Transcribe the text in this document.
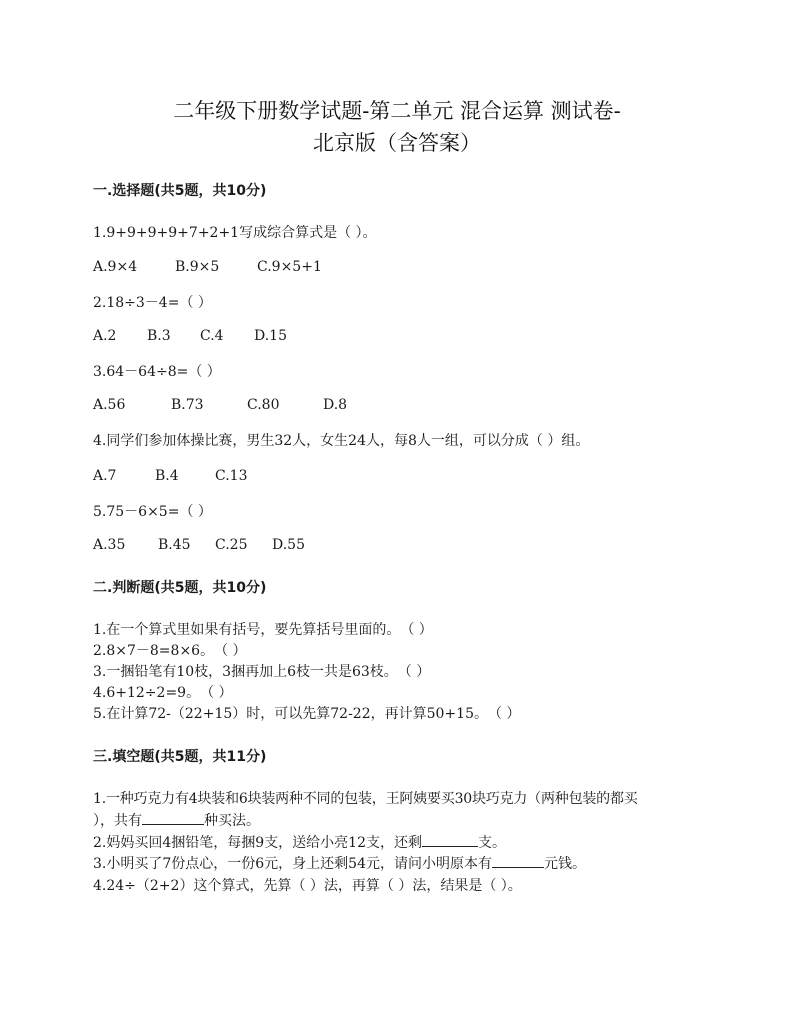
二年级下册数学试题-第二单元 混合运算 测试卷-
北京版（含答案）
一.选择题(共5题，共10分)
1.9+9+9+9+7+2+1写成综合算式是（ ）。
A.9×4	B.9×5	C.9×5+1
2.18÷3－4=（ ）
A.2 B.3 C.4 D.15
3.64－64÷8=（ ）
A.56	B.73	C.80	D.8
4.同学们参加体操比赛，男生32人，女生24人，每8人一组，可以分成（ ）组。
A.7	B.4	C.13
5.75－6×5=（ ）
A.35 B.45 C.25 D.55
二.判断题(共5题，共10分)
1.在一个算式里如果有括号，要先算括号里面的。　（ ）
2.8×7－8=8×6。　（ ）
3.一捆铅笔有10枝，3捆再加上6枝一共是63枝。　（ ）
4.6+12÷2=9。　（ ）
5.在计算72-（22+15）时，可以先算72-22，再计算50+15。　（ ）
三.填空题(共5题，共11分)
1.一种巧克力有4块装和6块装两种不同的包装，王阿姨要买30块巧克力（两种包装的都买
），共有	种买法。
2.妈妈买回4捆铅笔，每捆9支，送给小亮12支，还剩	支。
3.小明买了7份点心，一份6元，身上还剩54元，请问小明原本有	元钱。
4.24÷（2+2）这个算式，先算（ ）法，再算（ ）法，结果是（ ）。
